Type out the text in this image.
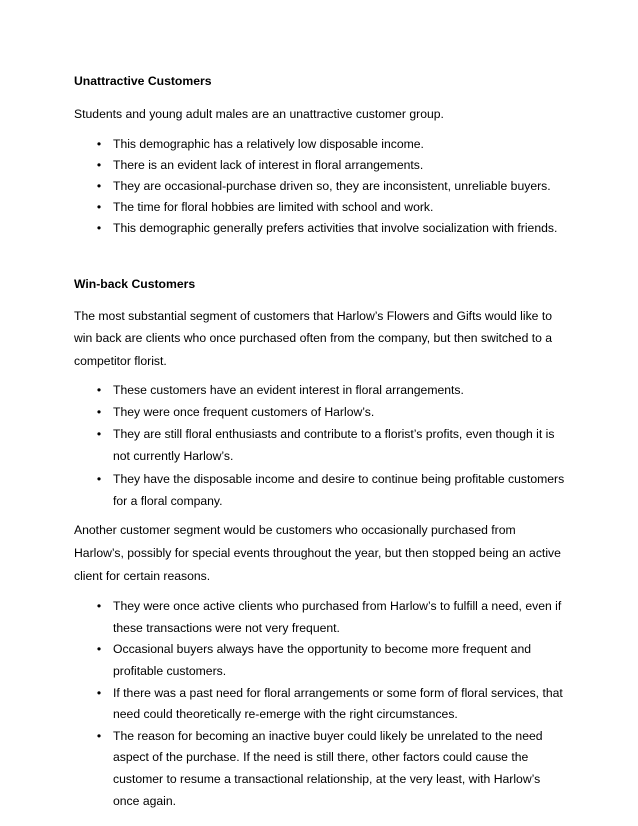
Unattractive Customers

Students and young adult males are an unattractive customer group.

• This demographic has a relatively low disposable income.
• There is an evident lack of interest in floral arrangements.
• They are occasional-purchase driven so, they are inconsistent, unreliable buyers.
• The time for floral hobbies are limited with school and work.
• This demographic generally prefers activities that involve socialization with friends.

Win-back Customers

The most substantial segment of customers that Harlow’s Flowers and Gifts would like to win back are clients who once purchased often from the company, but then switched to a competitor florist.

• These customers have an evident interest in floral arrangements.
• They were once frequent customers of Harlow’s.
• They are still floral enthusiasts and contribute to a florist’s profits, even though it is not currently Harlow’s.
• They have the disposable income and desire to continue being profitable customers for a floral company.

Another customer segment would be customers who occasionally purchased from Harlow’s, possibly for special events throughout the year, but then stopped being an active client for certain reasons.

• They were once active clients who purchased from Harlow’s to fulfill a need, even if these transactions were not very frequent.
• Occasional buyers always have the opportunity to become more frequent and profitable customers.
• If there was a past need for floral arrangements or some form of floral services, that need could theoretically re-emerge with the right circumstances.
• The reason for becoming an inactive buyer could likely be unrelated to the need aspect of the purchase. If the need is still there, other factors could cause the customer to resume a transactional relationship, at the very least, with Harlow’s once again.
